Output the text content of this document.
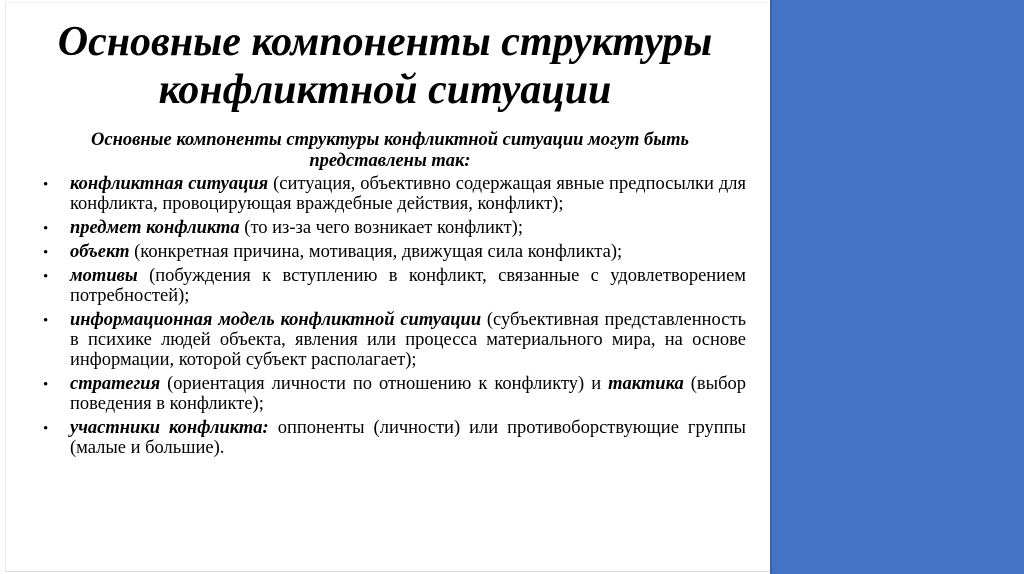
Основные компоненты структуры
конфликтной ситуации

Основные компоненты структуры конфликтной ситуации могут быть представлены так:

• конфликтная ситуация (ситуация, объективно содержащая явные предпосылки для конфликта, провоцирующая враждебные действия, конфликт);
• предмет конфликта (то из-за чего возникает конфликт);
• объект (конкретная причина, мотивация, движущая сила конфликта);
• мотивы (побуждения к вступлению в конфликт, связанные с удовлетворением потребностей);
• информационная модель конфликтной ситуации (субъективная представленность в психике людей объекта, явления или процесса материального мира, на основе информации, которой субъект располагает);
• стратегия (ориентация личности по отношению к конфликту) и тактика (выбор поведения в конфликте);
• участники конфликта: оппоненты (личности) или противоборствующие группы (малые и большие).
